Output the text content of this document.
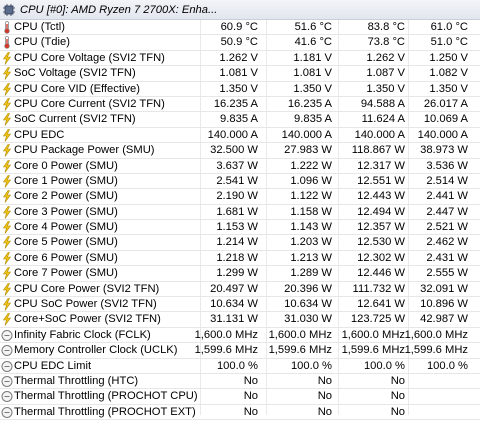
CPU [#0]: AMD Ryzen 7 2700X: Enha...
CPU (Tctl)	60.9 °C	51.6 °C	83.8 °C 61.0 °C
CPU (Tdie)	50.9 °C	41.6 °C	73.8 °C 51.0 °C
CPU Core Voltage (SVI2 TFN)	1.262 V	1.181 V	1.262 V 1.250 V
SoC Voltage (SVI2 TFN)	1.081 V	1.081 V	1.087 V 1.082 V
CPU Core VID (Effective)	1.350 V	1.350 V	1.350 V 1.350 V
CPU Core Current (SVI2 TFN)	16.235 A	16.235 A	94.588 A 26.017 A
SoC Current (SVI2 TFN)	9.835 A	9.835 A	11.624 A 10.069 A
CPU EDC	140.000 A 140.000 A 140.000 A 140.000 A
CPU Package Power (SMU)	32.500 W 27.983 W 118.867 W 38.973 W
Core 0 Power (SMU)	3.637 W	1.222 W 12.317 W 3.536 W
Core 1 Power (SMU)	2.541 W	1.096 W 12.551 W 2.514 W
Core 2 Power (SMU)	2.190 W	1.122 W 12.443 W 2.441 W
Core 3 Power (SMU)	1.681 W	1.158 W 12.494 W 2.447 W
Core 4 Power (SMU)	1.153 W	1.143 W 12.357 W 2.521 W
Core 5 Power (SMU)	1.214 W	1.203 W 12.530 W 2.462 W
Core 6 Power (SMU)	1.218 W	1.213 W 12.302 W 2.431 W
Core 7 Power (SMU)	1.299 W	1.289 W 12.446 W 2.555 W
CPU Core Power (SVI2 TFN)	20.497 W 20.396 W 111.732 W 32.091 W
CPU SoC Power (SVI2 TFN)	10.634 W 10.634 W 12.641 W 10.896 W
Core+SoC Power (SVI2 TFN)	31.131 W 31.030 W 123.725 W 42.987 W
Infinity Fabric Clock (FCLK)	1,600.0 MHz 1,600.0 MHz 1,600.0 MHz 1,600.0 MHz
Memory Controller Clock (UCLK) 1,599.6 MHz 1,599.6 MHz 1,599.6 MHz 1,599.6 MHz
CPU EDC Limit	100.0 %	100.0 %	100.0 % 100.0 %
Thermal Throttling (HTC)	No	No	No
Thermal Throttling (PROCHOT CPU)	No	No	No
Thermal Throttling (PROCHOT EXT)	No	No	No
